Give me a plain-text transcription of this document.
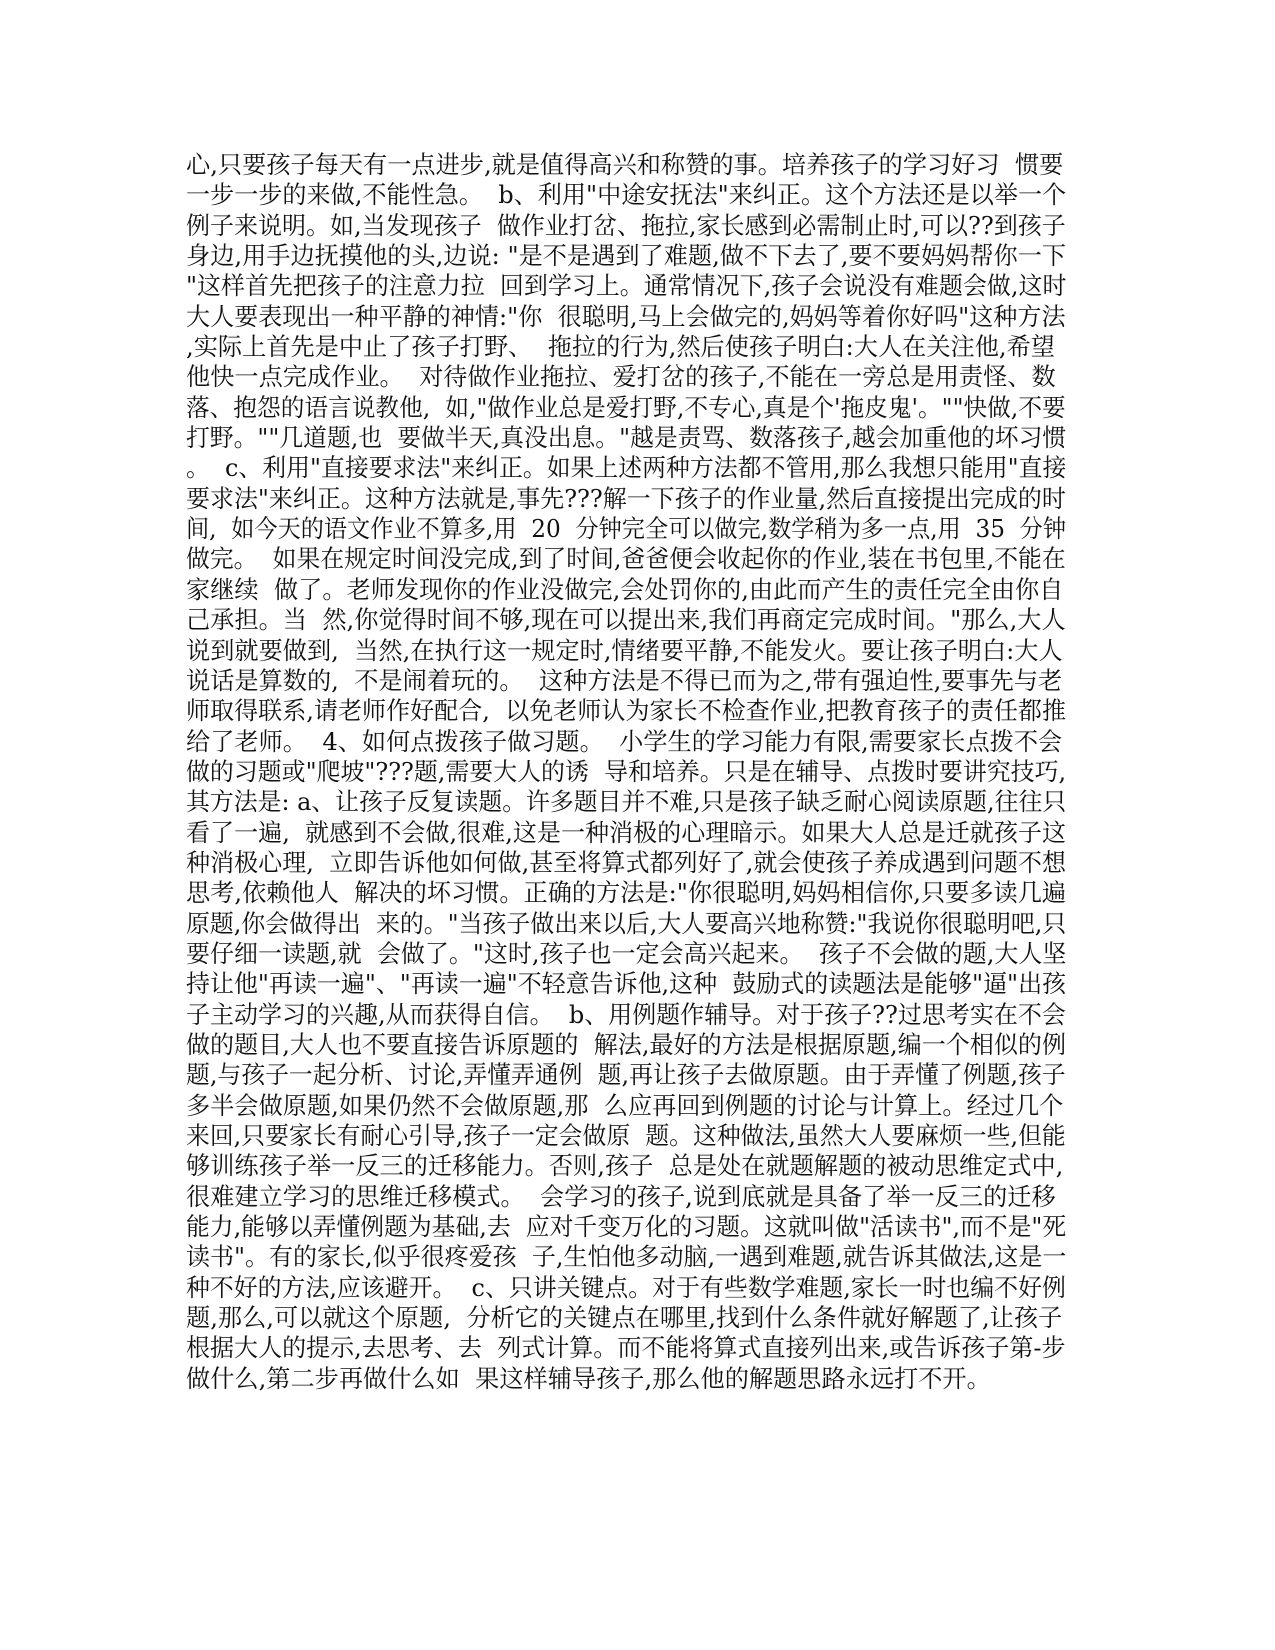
心,只要孩子每天有一点进步,就是值得高兴和称赞的事。培养孩子的学习好习  惯要
一步一步的来做,不能性急。  b、利用"中途安抚法"来纠正。这个方法还是以举一个
例子来说明。如,当发现孩子  做作业打岔、拖拉,家长感到必需制止时,可以??到孩子
身边,用手边抚摸他的头,边说: "是不是遇到了难题,做不下去了,要不要妈妈帮你一下
"这样首先把孩子的注意力拉  回到学习上。通常情况下,孩子会说没有难题会做,这时
大人要表现出一种平静的神情:"你  很聪明,马上会做完的,妈妈等着你好吗"这种方法
,实际上首先是中止了孩子打野、  拖拉的行为,然后使孩子明白:大人在关注他,希望
他快一点完成作业。  对待做作业拖拉、爱打岔的孩子,不能在一旁总是用责怪、数
落、抱怨的语言说教他,  如,"做作业总是爱打野,不专心,真是个'拖皮鬼'。""快做,不要
打野。""几道题,也  要做半天,真没出息。"越是责骂、数落孩子,越会加重他的坏习惯
。  c、利用"直接要求法"来纠正。如果上述两种方法都不管用,那么我想只能用"直接
要求法"来纠正。这种方法就是,事先???解一下孩子的作业量,然后直接提出完成的时
间,  如今天的语文作业不算多,用  20  分钟完全可以做完,数学稍为多一点,用  35  分钟
做完。  如果在规定时间没完成,到了时间,爸爸便会收起你的作业,装在书包里,不能在
家继续  做了。老师发现你的作业没做完,会处罚你的,由此而产生的责任完全由你自
己承担。当  然,你觉得时间不够,现在可以提出来,我们再商定完成时间。"那么,大人
说到就要做到,  当然,在执行这一规定时,情绪要平静,不能发火。要让孩子明白:大人
说话是算数的,  不是闹着玩的。  这种方法是不得已而为之,带有强迫性,要事先与老
师取得联系,请老师作好配合,  以免老师认为家长不检查作业,把教育孩子的责任都推
给了老师。  4、如何点拨孩子做习题。  小学生的学习能力有限,需要家长点拨不会
做的习题或"爬坡"???题,需要大人的诱  导和培养。只是在辅导、点拨时要讲究技巧,
其方法是: a、让孩子反复读题。许多题目并不难,只是孩子缺乏耐心阅读原题,往往只
看了一遍,  就感到不会做,很难,这是一种消极的心理暗示。如果大人总是迁就孩子这
种消极心理,  立即告诉他如何做,甚至将算式都列好了,就会使孩子养成遇到问题不想
思考,依赖他人  解决的坏习惯。正确的方法是:"你很聪明,妈妈相信你,只要多读几遍
原题,你会做得出  来的。"当孩子做出来以后,大人要高兴地称赞:"我说你很聪明吧,只
要仔细一读题,就  会做了。"这时,孩子也一定会高兴起来。  孩子不会做的题,大人坚
持让他"再读一遍"、"再读一遍"不轻意告诉他,这种  鼓励式的读题法是能够"逼"出孩
子主动学习的兴趣,从而获得自信。  b、用例题作辅导。对于孩子??过思考实在不会
做的题目,大人也不要直接告诉原题的  解法,最好的方法是根据原题,编一个相似的例
题,与孩子一起分析、讨论,弄懂弄通例  题,再让孩子去做原题。由于弄懂了例题,孩子
多半会做原题,如果仍然不会做原题,那  么应再回到例题的讨论与计算上。经过几个
来回,只要家长有耐心引导,孩子一定会做原  题。这种做法,虽然大人要麻烦一些,但能
够训练孩子举一反三的迁移能力。否则,孩子  总是处在就题解题的被动思维定式中,
很难建立学习的思维迁移模式。  会学习的孩子,说到底就是具备了举一反三的迁移
能力,能够以弄懂例题为基础,去  应对千变万化的习题。这就叫做"活读书",而不是"死
读书"。有的家长,似乎很疼爱孩  子,生怕他多动脑,一遇到难题,就告诉其做法,这是一
种不好的方法,应该避开。  c、只讲关键点。对于有些数学难题,家长一时也编不好例
题,那么,可以就这个原题,  分析它的关键点在哪里,找到什么条件就好解题了,让孩子
根据大人的提示,去思考、去  列式计算。而不能将算式直接列出来,或告诉孩子第-步
做什么,第二步再做什么如  果这样辅导孩子,那么他的解题思路永远打不开。
